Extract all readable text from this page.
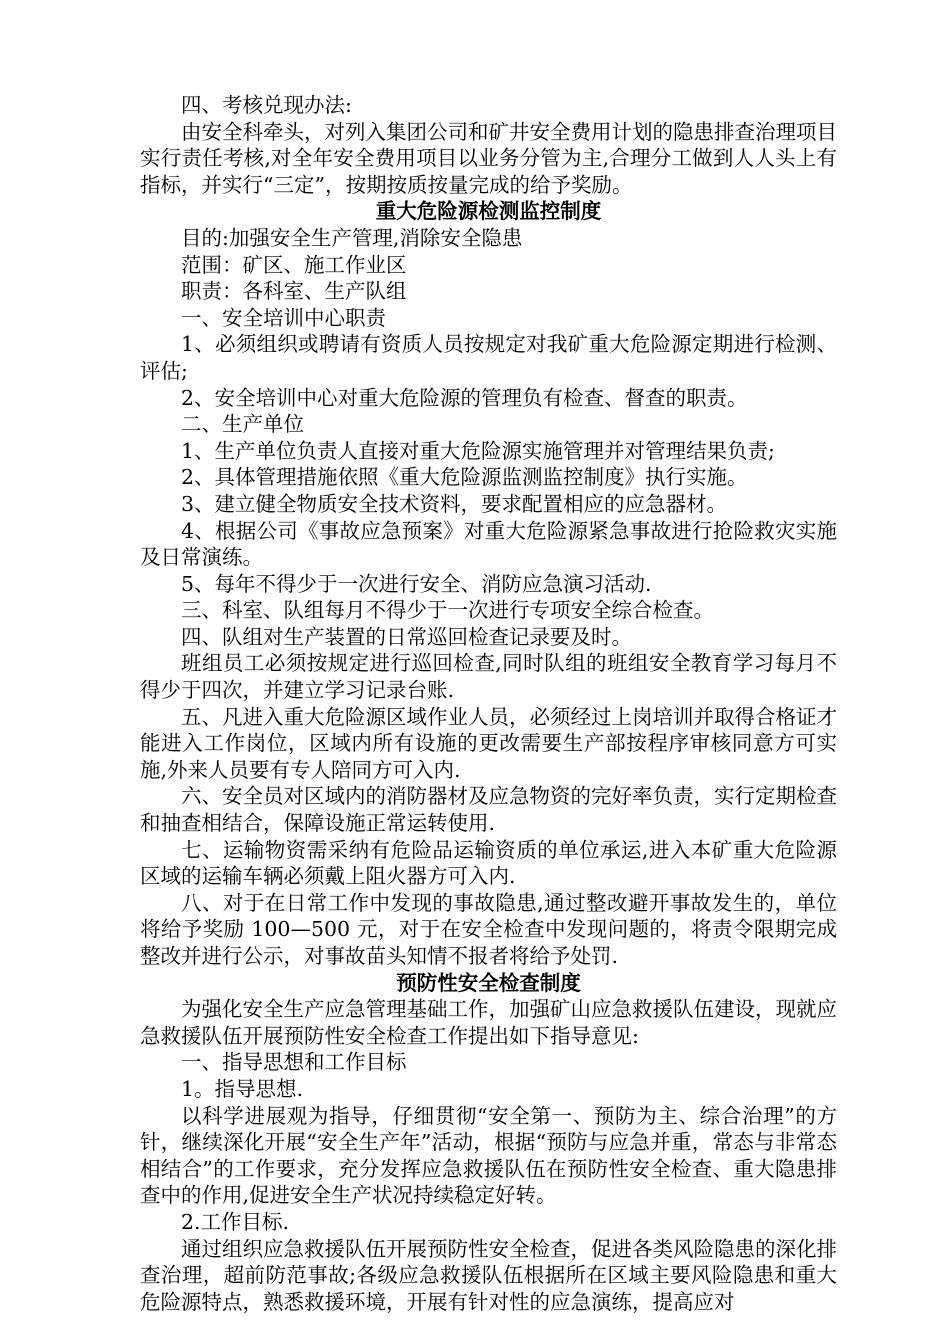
四、考核兑现办法:

由安全科牵头，对列入集团公司和矿井安全费用计划的隐患排查治理项目实行责任考核,对全年安全费用项目以业务分管为主,合理分工做到人人头上有指标，并实行“三定”，按期按质按量完成的给予奖励。

重大危险源检测监控制度

目的:加强安全生产管理,消除安全隐患

范围：矿区、施工作业区

职责：各科室、生产队组

一、安全培训中心职责

1、必须组织或聘请有资质人员按规定对我矿重大危险源定期进行检测、评估;

2、安全培训中心对重大危险源的管理负有检查、督查的职责。

二、生产单位

1、生产单位负责人直接对重大危险源实施管理并对管理结果负责;

2、具体管理措施依照《重大危险源监测监控制度》执行实施。

3、建立健全物质安全技术资料，要求配置相应的应急器材。

4、根据公司《事故应急预案》对重大危险源紧急事故进行抢险救灾实施及日常演练。

5、每年不得少于一次进行安全、消防应急演习活动.

三、科室、队组每月不得少于一次进行专项安全综合检查。

四、队组对生产装置的日常巡回检查记录要及时。

班组员工必须按规定进行巡回检查,同时队组的班组安全教育学习每月不得少于四次，并建立学习记录台账.

五、凡进入重大危险源区域作业人员，必须经过上岗培训并取得合格证才能进入工作岗位，区域内所有设施的更改需要生产部按程序审核同意方可实施,外来人员要有专人陪同方可入内.

六、安全员对区域内的消防器材及应急物资的完好率负责，实行定期检查和抽查相结合，保障设施正常运转使用.

七、运输物资需采纳有危险品运输资质的单位承运,进入本矿重大危险源区域的运输车辆必须戴上阻火器方可入内.

八、对于在日常工作中发现的事故隐患,通过整改避开事故发生的，单位将给予奖励 100—500 元，对于在安全检查中发现问题的，将责令限期完成整改并进行公示，对事故苗头知情不报者将给予处罚.

预防性安全检查制度

为强化安全生产应急管理基础工作，加强矿山应急救援队伍建设，现就应急救援队伍开展预防性安全检查工作提出如下指导意见:

一、指导思想和工作目标

1。指导思想.

以科学进展观为指导，仔细贯彻“安全第一、预防为主、综合治理”的方针，继续深化开展“安全生产年”活动，根据“预防与应急并重，常态与非常态相结合”的工作要求，充分发挥应急救援队伍在预防性安全检查、重大隐患排查中的作用,促进安全生产状况持续稳定好转。

2.工作目标.

通过组织应急救援队伍开展预防性安全检查，促进各类风险隐患的深化排查治理，超前防范事故;各级应急救援队伍根据所在区域主要风险隐患和重大危险源特点，熟悉救援环境，开展有针对性的应急演练，提高应对
